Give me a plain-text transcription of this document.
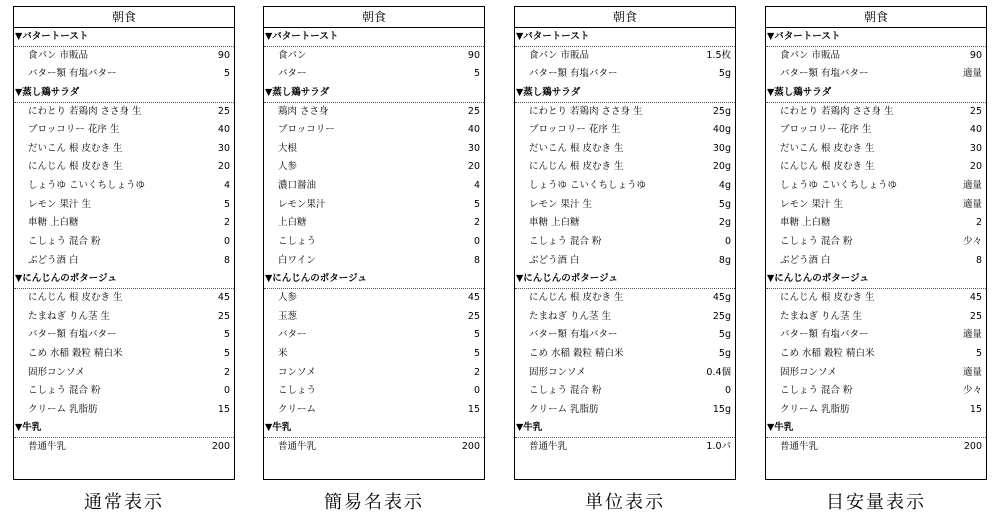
朝食
▼バタートースト
食パン 市販品	90
バター類 有塩バター	5
▼蒸し鶏サラダ
にわとり 若鶏肉 ささ身 生	25
ブロッコリー 花序 生	40
だいこん 根 皮むき 生	30
にんじん 根 皮むき 生	20
しょうゆ こいくちしょうゆ	4
レモン 果汁 生	5
車糖 上白糖	2
こしょう 混合 粉	0
ぶどう酒 白	8
▼にんじんのポタージュ
にんじん 根 皮むき 生	45
たまねぎ りん茎 生	25
バター類 有塩バター	5
こめ 水稲 穀粒 精白米	5
固形コンソメ	2
こしょう 混合 粉	0
クリーム 乳脂肪	15
▼牛乳
普通牛乳	200
通常表示
朝食
▼バタートースト
食パン	90
バター	5
▼蒸し鶏サラダ
鶏肉 ささ身	25
ブロッコリー	40
大根	30
人参	20
濃口醤油	4
レモン果汁	5
上白糖	2
こしょう	0
白ワイン	8
▼にんじんのポタージュ
人参	45
玉葱	25
バター	5
米	5
コンソメ	2
こしょう	0
クリーム	15
▼牛乳
普通牛乳	200
簡易名表示
朝食
▼バタートースト
食パン 市販品	1.5枚
バター類 有塩バター	5g
▼蒸し鶏サラダ
にわとり 若鶏肉 ささ身 生	25g
ブロッコリー 花序 生	40g
だいこん 根 皮むき 生	30g
にんじん 根 皮むき 生	20g
しょうゆ こいくちしょうゆ	4g
レモン 果汁 生	5g
車糖 上白糖	2g
こしょう 混合 粉	0
ぶどう酒 白	8g
▼にんじんのポタージュ
にんじん 根 皮むき 生	45g
たまねぎ りん茎 生	25g
バター類 有塩バター	5g
こめ 水稲 穀粒 精白米	5g
固形コンソメ	0.4個
こしょう 混合 粉	0
クリーム 乳脂肪	15g
▼牛乳
普通牛乳	1.0パ
単位表示
朝食
▼バタートースト
食パン 市販品	90
バター類 有塩バター	適量
▼蒸し鶏サラダ
にわとり 若鶏肉 ささ身 生	25
ブロッコリー 花序 生	40
だいこん 根 皮むき 生	30
にんじん 根 皮むき 生	20
しょうゆ こいくちしょうゆ	適量
レモン 果汁 生	適量
車糖 上白糖	2
こしょう 混合 粉	少々
ぶどう酒 白	8
▼にんじんのポタージュ
にんじん 根 皮むき 生	45
たまねぎ りん茎 生	25
バター類 有塩バター	適量
こめ 水稲 穀粒 精白米	5
固形コンソメ	適量
こしょう 混合 粉	少々
クリーム 乳脂肪	15
▼牛乳
普通牛乳	200
目安量表示
